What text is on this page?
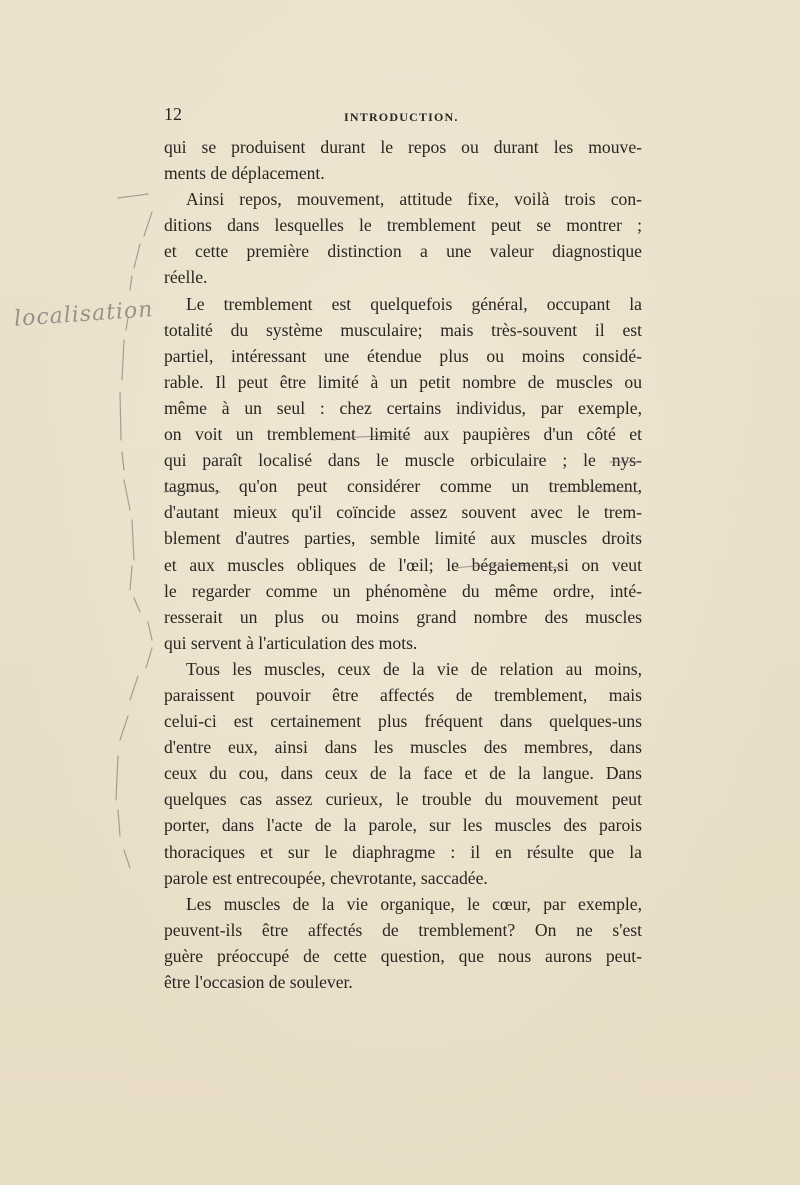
12	INTRODUCTION.
qui se produisent durant le repos ou durant les mouve-
ments de déplacement.
Ainsi repos, mouvement, attitude fixe, voilà trois con-
ditions dans lesquelles le tremblement peut se montrer ;
et cette première distinction a une valeur diagnostique
réelle.
Le tremblement est quelquefois général, occupant la
totalité du système musculaire; mais très-souvent il est
partiel, intéressant une étendue plus ou moins considé-
rable. Il peut être limité à un petit nombre de muscles ou
même à un seul : chez certains individus, par exemple,
on voit un tremblement limité aux paupières d'un côté et
qui paraît localisé dans le muscle orbiculaire ; le nys-
tagmus, qu'on peut considérer comme un tremblement,
d'autant mieux qu'il coïncide assez souvent avec le trem-
blement d'autres parties, semble limité aux muscles droits
et aux muscles obliques de l'œil; le bégaiement,si on veut
le regarder comme un phénomène du même ordre, inté-
resserait un plus ou moins grand nombre des muscles
qui servent à l'articulation des mots.
Tous les muscles, ceux de la vie de relation au moins,
paraissent pouvoir être affectés de tremblement, mais
celui-ci est certainement plus fréquent dans quelques-uns
d'entre eux, ainsi dans les muscles des membres, dans
ceux du cou, dans ceux de la face et de la langue. Dans
quelques cas assez curieux, le trouble du mouvement peut
porter, dans l'acte de la parole, sur les muscles des parois
thoraciques et sur le diaphragme : il en résulte que la
parole est entrecoupée, chevrotante, saccadée.
Les muscles de la vie organique, le cœur, par exemple,
peuvent-ils être affectés de tremblement? On ne s'est
guère préoccupé de cette question, que nous aurons peut-
être l'occasion de soulever.
localisation
